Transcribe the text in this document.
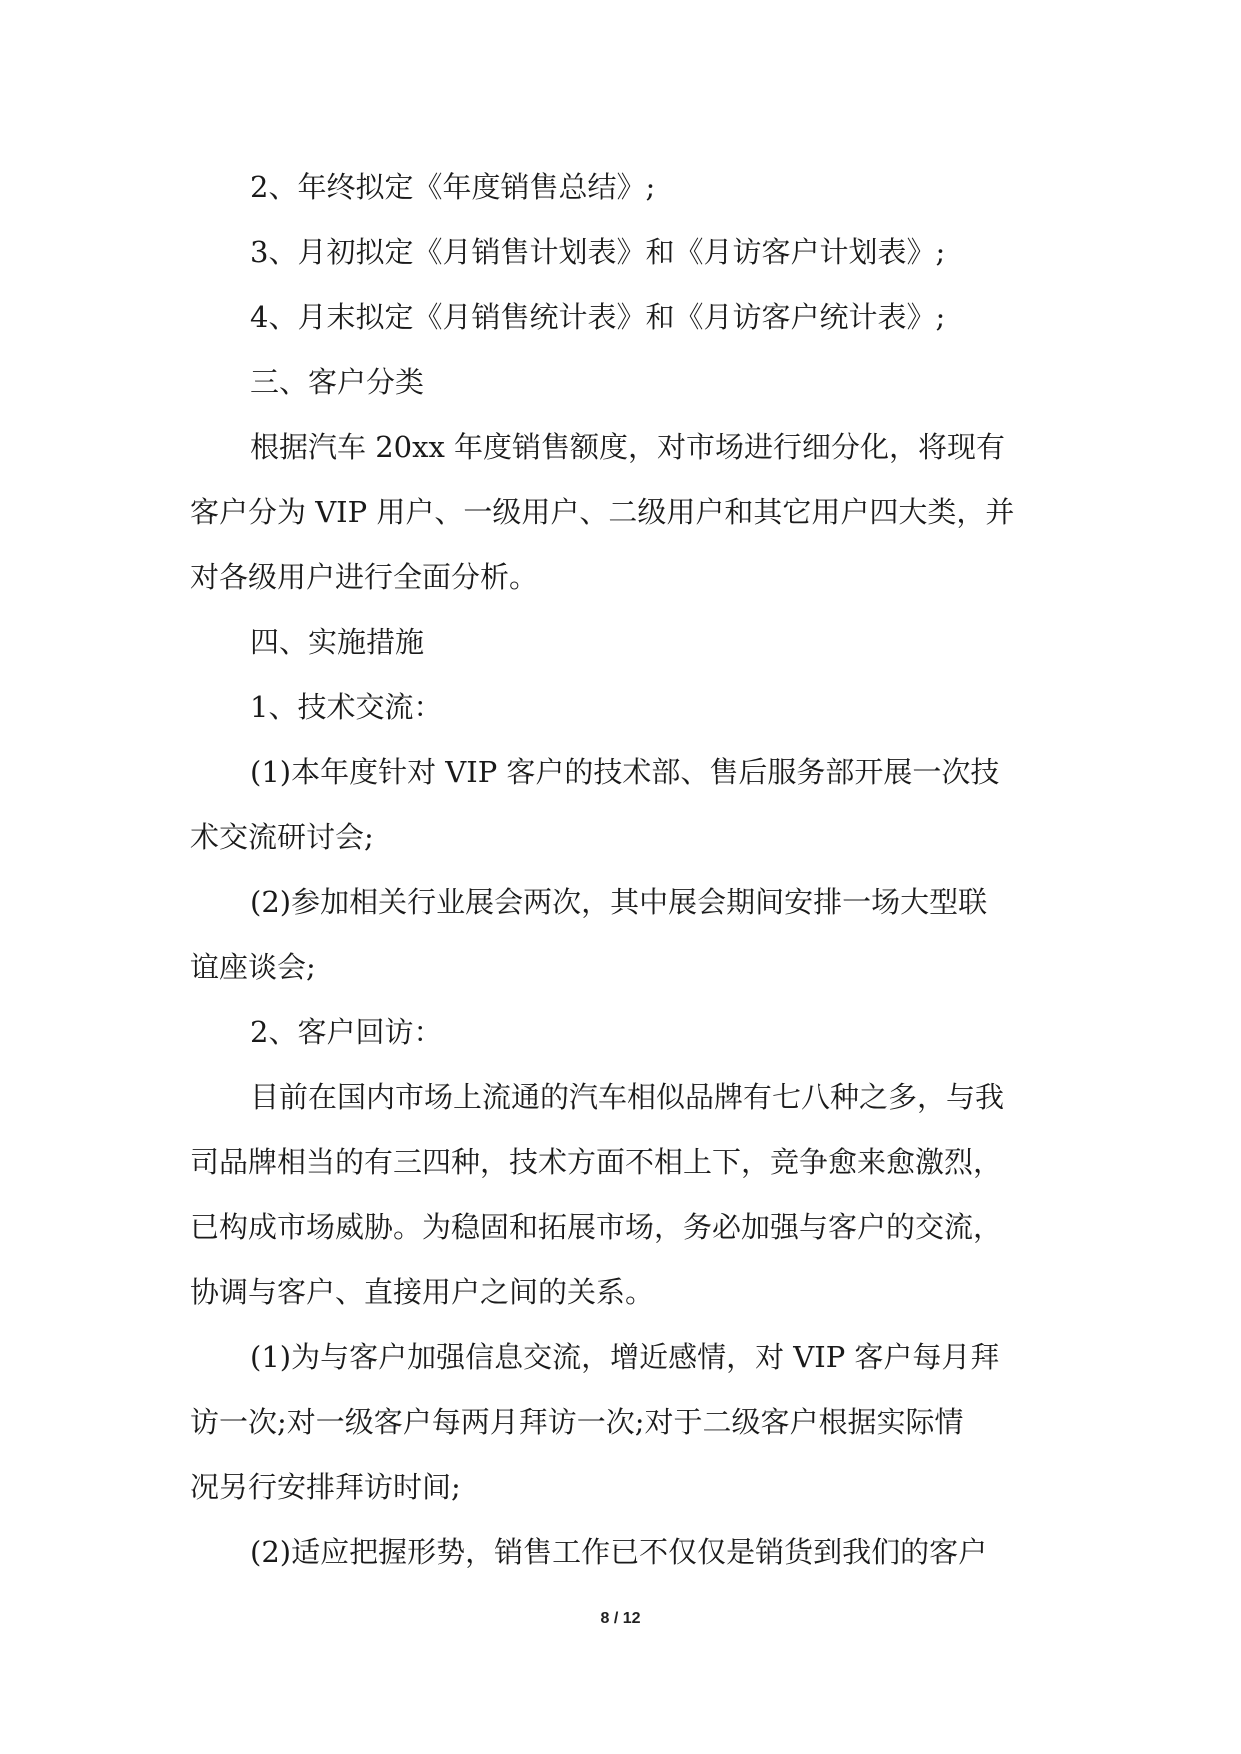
2、年终拟定《年度销售总结》;
3、月初拟定《月销售计划表》和《月访客户计划表》;
4、月末拟定《月销售统计表》和《月访客户统计表》;
三、客户分类
根据汽车 20xx 年度销售额度，对市场进行细分化，将现有
客户分为 VIP 用户、一级用户、二级用户和其它用户四大类，并
对各级用户进行全面分析。
四、实施措施
1、技术交流：
(1)本年度针对 VIP 客户的技术部、售后服务部开展一次技
术交流研讨会;
(2)参加相关行业展会两次，其中展会期间安排一场大型联
谊座谈会;
2、客户回访：
目前在国内市场上流通的汽车相似品牌有七八种之多，与我
司品牌相当的有三四种，技术方面不相上下，竞争愈来愈激烈，
已构成市场威胁。为稳固和拓展市场，务必加强与客户的交流，
协调与客户、直接用户之间的关系。
(1)为与客户加强信息交流，增近感情，对 VIP 客户每月拜
访一次;对一级客户每两月拜访一次;对于二级客户根据实际情
况另行安排拜访时间;
(2)适应把握形势，销售工作已不仅仅是销货到我们的客户
8 / 12
